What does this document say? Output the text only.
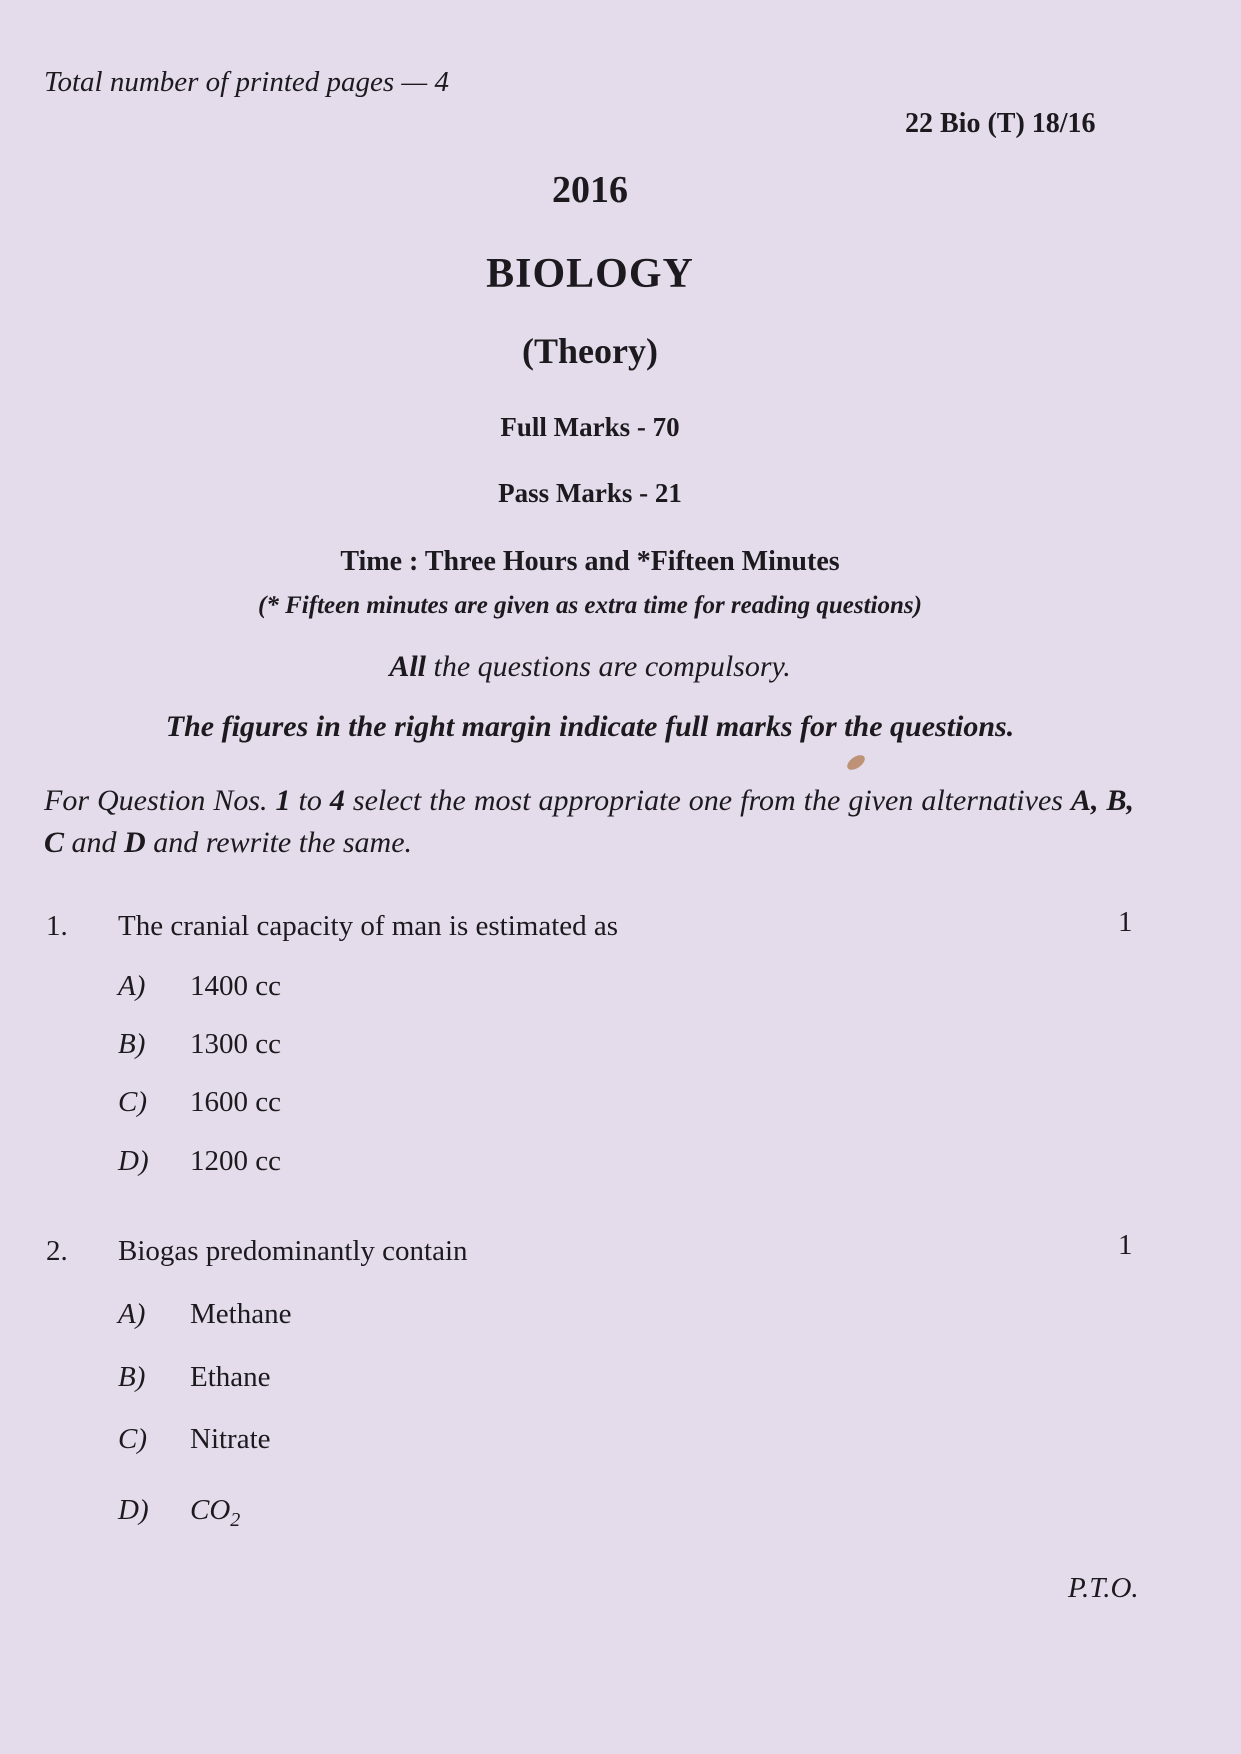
Total number of printed pages — 4
22 Bio (T) 18/16
2016
BIOLOGY
(Theory)
Full Marks - 70
Pass Marks - 21
Time : Three Hours and *Fifteen Minutes
(* Fifteen minutes are given as extra time for reading questions)
All the questions are compulsory.
The figures in the right margin indicate full marks for the questions.
For Question Nos. 1 to 4 select the most appropriate one from the given alternatives A, B, C and D and rewrite the same.
1. The cranial capacity of man is estimated as	1
A) 1400 cc
B) 1300 cc
C) 1600 cc
D) 1200 cc
2. Biogas predominantly contain	1
A) Methane
B) Ethane
C) Nitrate
D) $CO_2$
P.T.O.
